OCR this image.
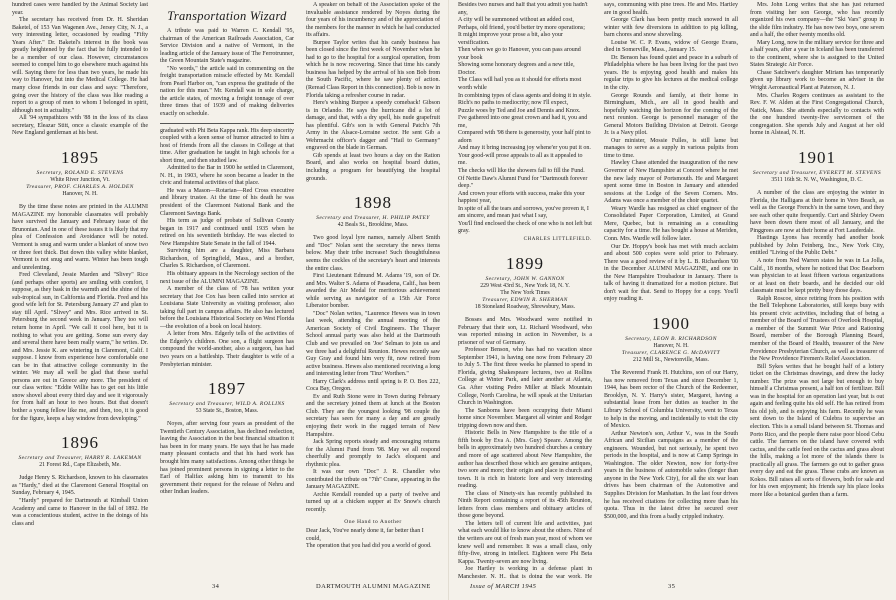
hundred cases were handled by the Animal Society last year.

The secretary has received from Dr. H. Sheridan Baketel, of 153 Van Wagenen Ave., Jersey City, N. J., a very interesting letter, occasioned by reading "Fifty Years After." Dr. Baketel's interest in the book was greatly heightened by the fact that he fully intended to be a member of our class. However, circumstances seemed to compel him to go elsewhere much against his will. Saying there for less than two years, he made his way to Hanover, but into the Medical College. He had many close friends in our class and says: "Therefore, going over the history of the class was like reading a report to a group of men to whom I belonged in spirit, although not in actuality."

All '94 sympathizes with '88 in the loss of its class secretary, Eleazar Stitt, once a classic example of the New England gentleman at his best.

1895
Secretary, ROLAND E. STEVENS
White River Junction, Vt.
Treasurer, PROF. CHARLES A. HOLDEN
Hanover, N. H.

By the time these notes are printed in the ALUMNI MAGAZINE my honorable classmates will probably have survived the January and February issue of the Brunonian. And in one of these issues it is likely that my plea of Confession and Avoidance will be noted. Vermont is snug and warm under a blanket of snow two or three feet thick. But down this valley white blanket, Vermont is not snug and warm. Winter has been tough and unrelenting.

Fred Cleveland, Jessie Marden and "Slivey" Rice (and perhaps other sports) are smiling with comfort, I suppose, as they bask in the warmth and the shine of the sub-tropical sun, in California and Florida. Fred and his good wife left for St. Petersburg January 27 and plan to stay till April. "Slivey" and Mrs. Rice arrived in St. Petersburg the second week in January. They too will return home in April. "We call it cool here, but it is nothing to what you are getting. Some sun every day and several there have been really warm," he writes. Dr. and Mrs. Jessie K. are wintering in Claremont, Calif. I suppose. I know from experience how comfortable one can be in that attractive college community in the winter. We may all well be glad that these useful persons are out in Greece any more. The president of our class writes: "Eddie Willie has to get out his little snow shovel about every third day and see it vigorously for from half an hour to two hours. But that doesn't bother a young fellow like me, and then, too, it is good for the figure, keeps a hay window from developing."

1896
Secretary and Treasurer, HARRY R. LAKEMAN
21 Forest Rd., Cape Elizabeth, Me.

Judge Henry S. Richardson, known to his classmates as "Hardy," died at the Claremont General Hospital on Sunday, February 4, 1945.

"Hardy" prepared for Dartmouth at Kimball Union Academy and came to Hanover in the fall of 1892. He was a conscientious student, active in the doings of his class and

Transportation Wizard

A tribute was paid to Warren C. Kendall '95, chairman of the American Railroads Association, Car Service Division and a native of Vermont, in the leading article of the January issue of The Ferrotrunner, the Green Mountain State's magazine.

"No words," the article said in commenting on the freight transportation miracle effected by Mr. Kendall from Pearl Harbor on, "can express the gratitude of the nation for this man." Mr. Kendall was in sole charge, the article states, of moving a freight tonnage of over three times that of 1939 and of making deliveries exactly on schedule.

graduated with Phi Beta Kappa rank. His deep sincerity coupled with a keen sense of humor attracted to him a host of friends from all the classes in College at that time. After graduation he taught in high schools for a short time, and then studied law.

Admitted to the Bar in 1900 he settled in Claremont, N. H., in 1903, where he soon became a leader in the civic and fraternal activities of that place.

He was a Mason—Rotarian—Red Cross executive and library trustee. At the time of his death he was president of the Claremont National Bank and the Claremont Savings Bank.

His term as judge of probate of Sullivan County began in 1917 and continued until 1935 when he retired on his seventieth birthday. He was elected to New Hampshire State Senate in the fall of 1944.

Surviving him are a daughter, Miss Barbara Richardson, of Springfield, Mass., and a brother, Charles S. Richardson, of Claremont.

His obituary appears in the Necrology section of the next issue of the ALUMNI MAGAZINE.

A member of the class of '78 has written your secretary that Joe Cox has been called into service at Louisiana State University as visiting professor, also taking full part in campus affairs. He also has lectured before the Louisiana Historical Society on West Florida—the evolution of a book on local history.

A letter from Mrs. Edgerly tells of the activities of the Edgerly's children. One son, a flight surgeon has compound the world-another, also a surgeon, has had two years on a battleship. Their daughter is wife of a Presbyterian minister.

1897
Secretary and Treasurer, WILD A. ROLLINS
53 State St., Boston, Mass.

Noyes, after serving four years as president of the Twentieth Century Association, has declined reelection, leaving the Association in the best financial situation it has been in for many years. He says that he has made many pleasant contacts and that his hard work has brought him many satisfactions. Among other things he has joined prominent persons in signing a letter to the Earl of Halifax asking him to transmit to his government their request for the release of Nehru and other Indian leaders.

A speaker on behalf of the Association spoke of the invaluable assistance rendered by Noyes during the four years of his incumbency and of the appreciation of the members for the manner in which he had conducted its affairs.

Burpee Taylor writes that his candy business has been closed since the first week of November when he had to go to the hospital for a surgical operation, from which he is now recovering. Since that time his candy business has helped by the arrival of his son Bob from the South Pacific, where he saw plenty of action. (Reread Class Report in this connection). Bob is now in Florida taking a refresher course in radar.

Here's wishing Burpee a speedy comeback! Gibson is in Orlando. He says the hurricane did a lot of damage, and that, with a dry spell, his nude grapefruit has plentiful. Gib's son is with General Patch's 7th Army in the Alsace-Lorraine sector. He sent Gib a Wehrmacht officer's dagger and "Hail to Germany" engraved on the blade in German.

Gib spends at least two hours a day on the Ration Board, and also works on hospital board duties, including a program for beautifying the hospital grounds.

1898
Secretary and Treasurer, H. PHILIP PATEY
42 Beals St., Brookline, Mass.

Two good loyal lyre names, namely Albert Smith and "Doc" Nolan sent the secretary the news items below. May their tribe increase! Such thoughtfulness seems the cockles of the secretary's heart and interests the entire class.

First Lieutenant Edmund M. Adams '19, son of Dr. and Mrs. Walter S. Adams of Pasadena, Calif., has been awarded the Air Medal for meritorious achievement while serving as navigator of a 15th Air Force Liberator bomber.

"Doc" Nolan writes, "Laurence Hewes was in town last week, attending the annual meeting of the American Society of Civil Engineers. The Thayer School annual party was also held at the Dartmouth Club and we prevailed on 'Joe' Selman to join us and we three had a delightful Reunion. Hewes recently saw Guy Gray and found him very fit, now retired from active business. Hewes also mentioned receiving a long and interesting letter from 'Tinz' Worthen."

Harry Clark's address until spring is P. O. Box 222, Coca Bay, Oregon.

Ev and Ruth Stone were in Town during February and the secretary joined them at lunch at the Boston Club. They are the youngest looking '98 couple the secretary has seen for many a day and are greatly enjoying their work in the rugged terrain of New Hampshire.

Jack Spring reports steady and encouraging returns for the Alumni Fund from '98. May we all respond cheerfully and promptly to Jack's eloquent and rhythmic plea.

It was our own "Doc" J. R. Chandler who contributed the tribute on "7th" Crane, appearing in the January MAGAZINE.

Archie Kendall rounded up a party of twelve and turned up at a chicken supper at Ev Snow's church recently.

One Hand to Another

Dear Jack, You've nearly done it, far better than I could,

The operation that you had did you a world of good.

Besides two nurses and half that you admit you hadn't any,

A city will be summoned without an added cost,

Perhaps, old friend, you'd better try more operations;

It might improve your prose a bit, also your versification.

Then when we go to Hanover, you can pass around your book

Showing some honorary degrees and a new title, Doctor.

The Class will hail you as it should for efforts most worth while

In combining types of class agents and doing it in style.

Rich's no paths to mediocrity; now I'll expect,

Puzzle woes by Ted and Joe and Dennis and Knox.

I've gathered into one great crown and had it, you and me,

Compared with '98 there is generosity, your half pint to adorn

And may it bring increasing joy whene'er you put it on.

Your good-will prose appeals to all as it appealed to me.

The checks will like the showers fall to fill the Fund.

Of Nettie Daw's Alumni Fund for "Dartmouth forever deep."

And crown your efforts with success, make this your happiest year,

In spite of all the tears and sorrows, you've proven it, I am sincere, and mean just what I say,

You'll find enclosed the check of one who is not left but gray.

CHARLES LITTLEFIELD.
1899
Secretary, JOHN W. GANNON
229 West 43rd St., New York 18, N. Y.
The New York Times
Treasurer, EDWIN R. SHERMAN
18 Stoneland Roadway, Shrewsbury, Mass.

Bosses and Mrs. Woodward were notified in February that their son, Lt. Richard Woodward, who was reported missing in action in November, is a prisoner of war of Germany.

Professor Benson, who has had no vacation since September 1941, is having one now from February 20 to July 5. The first three weeks he planned to spend in Florida, giving Shakespeare lectures, two at Rollins College at Winter Park, and later another at Atlanta, Ga. After visiting Pedro Miller at Black Mountain College, North Carolina, he will speak at the Unitarian Church in Washington.

The Sanborns have been occupying their Miami home since November. Margaret all winter and Rodger tripping down now and then.

Historic Bells in New Hampshire is the title of a fifth book by Eva A. (Mrs. Guy) Speare. Among the bells in approximately two hundred churches a century and more of age scattered about New Hampshire, the author has described those which are genuine antiques, two sore and more; their origin and place in church and town. It is rich in historic lore and very interesting reading.

The class of Ninety-six has recently published its Ninth Report containing a report of its 45th Reunion, letters from class members and obituary articles of those gone beyond.

The letters tell of current life and activities, just what each would like to know about the others. Nine of the writers are out of fresh man year, most of whom we knew well and remember. It was a small class, only fifty-five, strong in intellect. Eighteen were Phi Beta Kappa. Twenty-seven are now living.

Joe Hartley is working in a defense plant in Manchester, N. H., that is doing the war work. He

says, communing with pine trees. He and Mrs. Hartley are in good health.

George Clark has been pretty much snowed in all winter with few diversions in addition to pig killing, barn chores and snow shoveling.

Louise W. C. P. Evans, widow of George Evans, died in Somerville, Mass., January 15.

Dr. Benson has found quiet and peace in a suburb of Philadelphia where he has been living for the past two years. He is enjoying good health and makes his regular trips to give his lectures at the medical college in the city.

George Rounds and family, at their home in Birmingham, Mich., are all in good health and hopefully watching the horizon for the coming of the next reunion. George is personnel manager of the General Motors Building Division at Detroit. George Jr. is a Navy pilot.

Our minister, Mossie Fulles, is still lame but manages to serve as a supply in various pulpits from time to time.

Hawley Chase attended the inauguration of the new Governor of New Hampshire at Concord where he met the new lady mayor of Portsmouth. He and Margaret spent some time in Boston in January and attended sessions at the Lodge of the Seven Corners. Mrs. Adams was once a member of the choir quartet.

Weary Wardle has resigned as chief engineer of the Consolidated Paper Corporation, Limited, at Grand Mere, Quebec, but is remaining as a consulting capacity for a time. He has bought a house at Meriden, Conn. Mrs. Wardle will follow later.

Our Dr. Hoppy's book has met with much acclaim and about 500 copies were sold prior to February. There was a good review of it by L. B. Richardson '00 in the December ALUMNI MAGAZINE, and one in the New Hampshire Troubadour in January. There is talk of having it dramatized for a motion picture. But don't wait for that. Send to Hoppy for a copy. You'll enjoy reading it.

1900
Secretary, LEON B. RICHARDSON
Hanover, N. H.
Treasurer, CLARENCE G. McDAVITT
212 Mill St., Newtonville, Mass.

The Reverend Frank H. Hutchins, son of our Harry, has now removed from Texas and since December 1, 1944, has been rector of the Church of the Redeemer, Brooklyn, N. Y. Harry's sister, Margaret, having a substantial lease from her duties as teacher in the Library School of Columbia University, went to Texas to help in the moving, and incidentally to visit the city of Mexico.

Arthur Newton's son, Arthur V., was in the South African and Sicilian campaigns as a member of the engineers. Wounded, but not seriously, he spent two periods in the hospital, and is now at Camp Springs in Washington. The older Newton, now for forty-five years in the business of automobile sales (longer than anyone in the New York City), for all the six war loan drives has been chairman of the Automotive and Supplies Division for Manhattan. In the last four drives he has received citations for collecting more than his quota. Thus in the latest drive he secured over $500,000, and this from a badly crippled industry.

Mrs. John Long writes that she has just returned from visiting her son George, who has recently organized his own company—the "Ski Vars" group in the slide film industry. He has now two boys, one seven and a half, the other twenty months old.

Mary Long, now in the military service for three and a half years, after a year in Iceland has been transferred to the continent, where she is assigned to the United States Strategic Air Force.

Chase Satchwer's daughter Miriam has temporarily given up library work to become an adviser in the Wright Aeronautical Plant at Paterson, N. J.

Mrs. Charles Rogers continues as assistant to the Rev. F. W. Alden at the First Congregational Church, Natick, Mass. She attends especially to contacts with the one hundred twenty-five servicemen of the congregation. She spends July and August at her old home in Alstead, N. H.

1901
Secretary and Treasurer, EVERETT M. STEVENS
3511 16th St. N. W., Washington, D. C.

A number of the class are enjoying the winter in Florida, the Halligans at their home in Vero Beach, as well as the George French's in the same town, and they see each other quite frequently. Curt and Shirley Owen have been down there most of all January, and the Pinggrees are now at their home at Fort Lauderdale.

Hastings Lyons has recently had another book published by John Feinberg, Inc., New York City, entitled "Living of the Public Debt."

A note from Ned Warren states he was in La Jolla, Calif., 18 months, where he noticed that Doc Bearborn was physician to at least fifteen various organizations or at least on their boards, and he decided our old classmate must be kept pretty busy those days.

Ralph Roscoe, since retiring from his position with the Bell Telephone Laboratories, still keeps busy with his present civic activities, including that of being a member of the Board of Trustees of Overlook Hospital, a member of the Summit War Price and Rationing Board, member of the Borough Planning Board, member of the Board of Health, treasurer of the New Providence Presbyterian Church, as well as treasurer of the New Providence Firemen's Relief Association.

Bill Sykes writes that he bought half of a lottery ticket on the Christmas drawings, and drew the lucky number. The prize was not large but enough to buy himself a Christmas present, a half ton of fertilizer. Bill was in the hospital for an operation last year, but is out again and feeling quite his old self. He has retired from his old job, and is enjoying his farm. Recently he was sent down to the Island of Culebra to supervise an election. This is a small island between St. Thomas and Porto Rico, and the people there raise poor blood Cebu cattle. The farmers on the island have covered with cactus, and the cattle feed on the cactus and grass about the hills, making a lot more of the islands there is practically all grass. The farmers go out to gather grass every day and eat the grass. These crabs are known as Kokos. Bill raises all sorts of flowers, both for sale and for his own enjoyment; his friends say his place looks more like a botanical garden than a farm.

34	DARTMOUTH ALUMNI MAGAZINE	Issue of MARCH 1945	35
